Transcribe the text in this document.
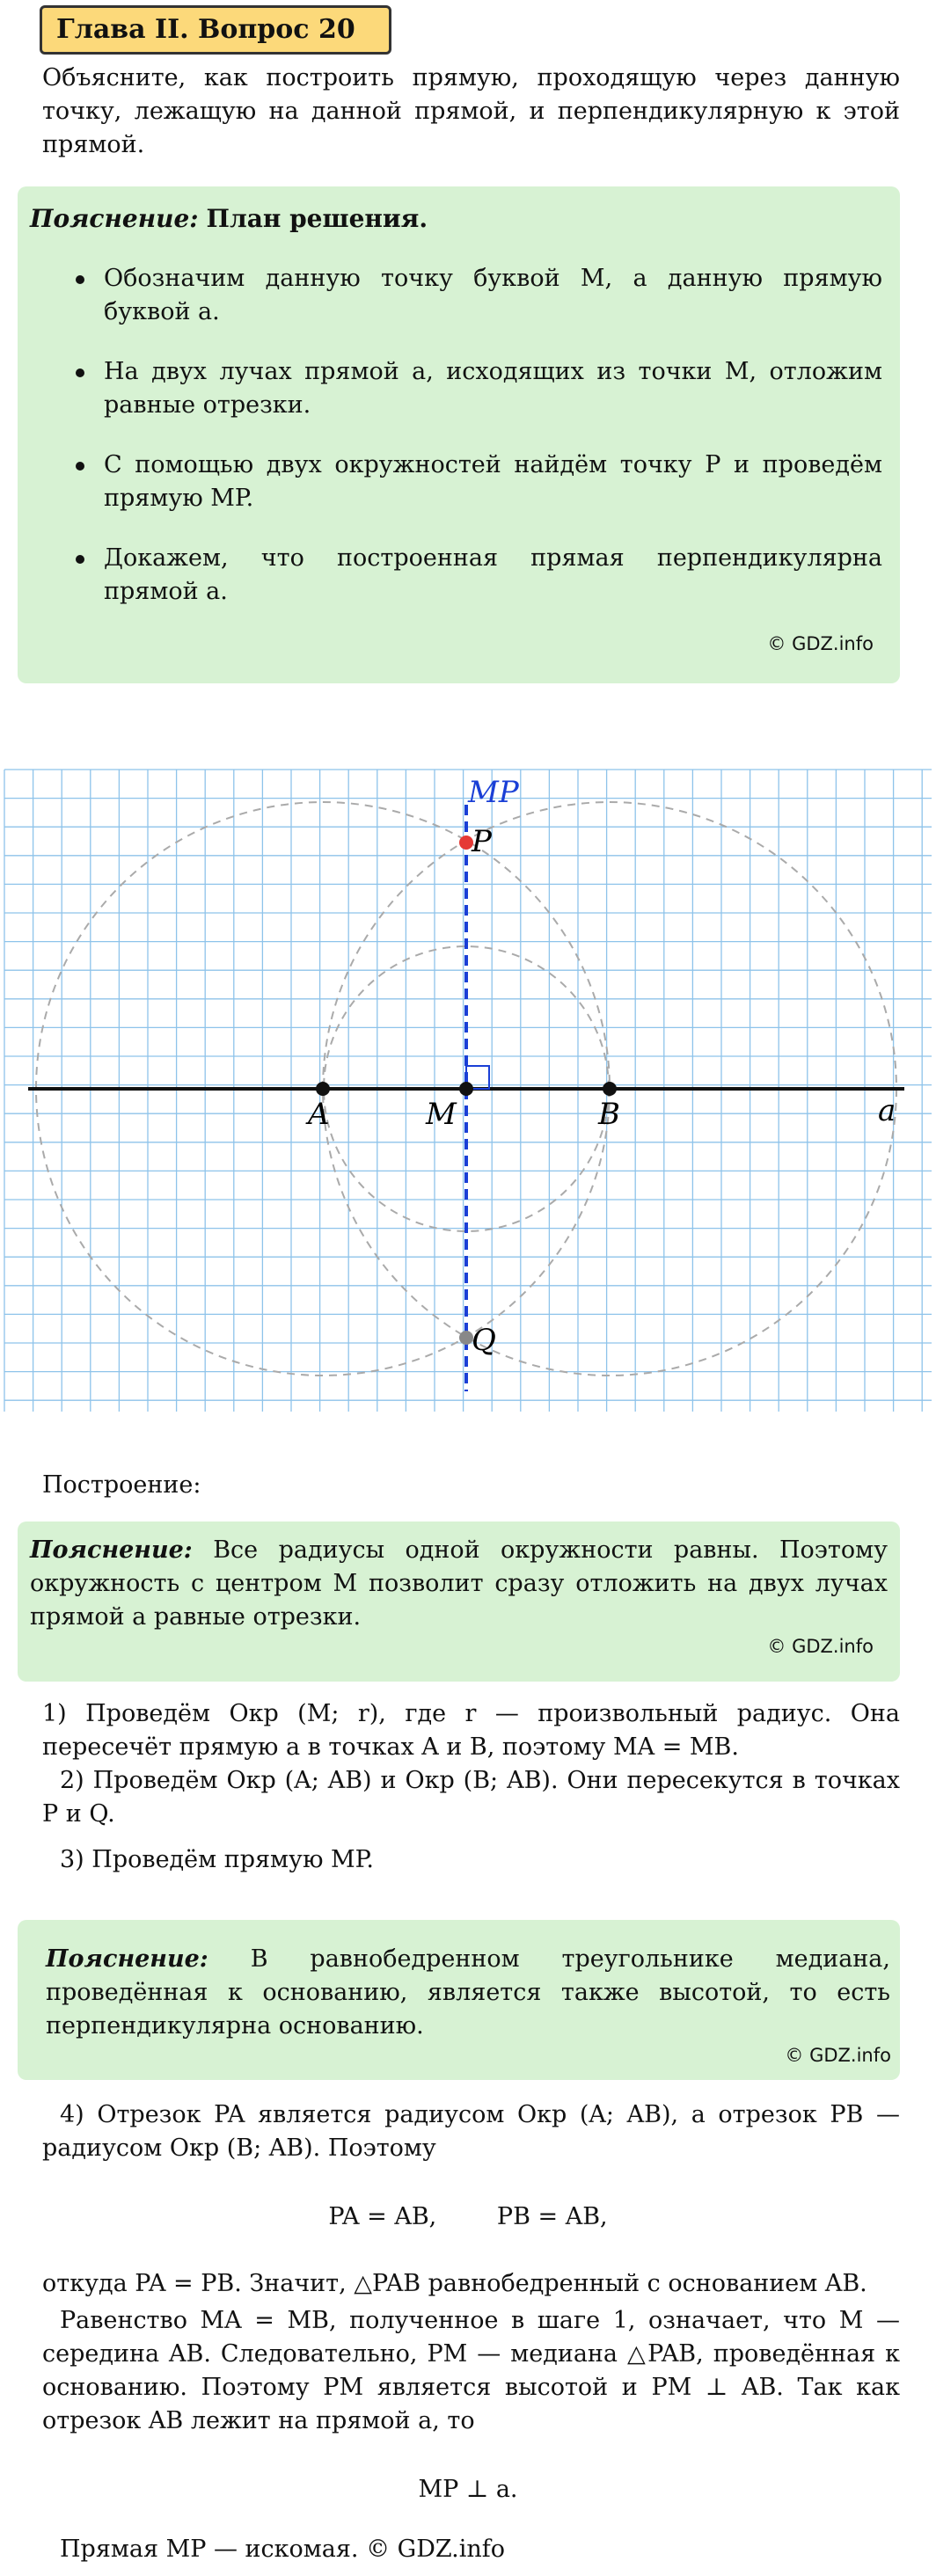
Глава II. Вопрос 20
Объясните, как построить прямую, проходящую через данную точку, лежащую на данной прямой, и перпендикулярную к этой прямой.
Пояснение: План решения.
Обозначим данную точку буквой M, а данную прямую буквой a.
На двух лучах прямой a, исходящих из точки M, отложим равные отрезки.
С помощью двух окружностей найдём точку P и проведём прямую MP.
Докажем, что построенная прямая перпендикулярна прямой a.
© GDZ.info
A	M	B	a
P
Q
MP
Построение:
Пояснение: Все радиусы одной окружности равны. Поэтому окружность с центром M позволит сразу отложить на двух лучах прямой a равные отрезки.
© GDZ.info
1) Проведём Окр (M; r), где r — произвольный радиус. Она пересечёт прямую a в точках A и B, поэтому MA = MB.
2) Проведём Окр (A; AB) и Окр (B; AB). Они пересекутся в точках P и Q.
3) Проведём прямую MP.
Пояснение: В равнобедренном треугольнике медиана, проведённая к основанию, является также высотой, то есть перпендикулярна основанию.
© GDZ.info
4) Отрезок PA является радиусом Окр (A; AB), а отрезок PB — радиусом Окр (B; AB). Поэтому
PA = AB,        PB = AB,
откуда PA = PB. Значит, △PAB равнобедренный с основанием AB.
Равенство MA = MB, полученное в шаге 1, означает, что M — середина AB. Следовательно, PM — медиана △PAB, проведённая к основанию. Поэтому PM является высотой и PM ⊥ AB. Так как отрезок AB лежит на прямой a, то
MP ⊥ a.
Прямая MP — искомая. © GDZ.info
